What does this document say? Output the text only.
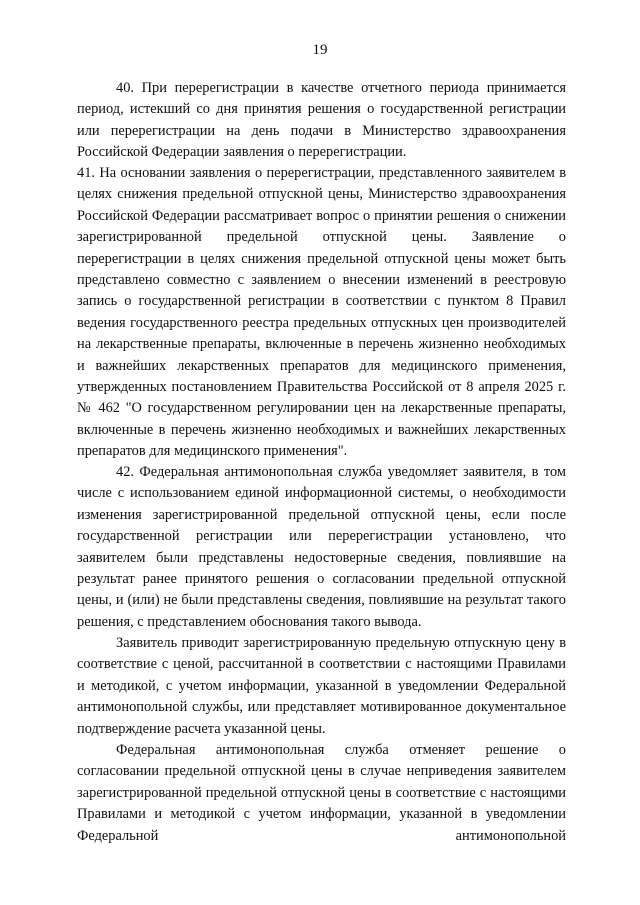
19

40. При перерегистрации в качестве отчетного периода принимается период, истекший со дня принятия решения о государственной регистрации или перерегистрации на день подачи в Министерство здравоохранения Российской Федерации заявления о перерегистрации.

41. На основании заявления о перерегистрации, представленного заявителем в целях снижения предельной отпускной цены, Министерство здравоохранения Российской Федерации рассматривает вопрос о принятии решения о снижении зарегистрированной предельной отпускной цены. Заявление о перерегистрации в целях снижения предельной отпускной цены может быть представлено совместно с заявлением о внесении изменений в реестровую запись о государственной регистрации в соответствии с пунктом 8 Правил ведения государственного реестра предельных отпускных цен производителей на лекарственные препараты, включенные в перечень жизненно необходимых и важнейших лекарственных препаратов для медицинского применения, утвержденных постановлением Правительства Российской от 8 апреля 2025 г. № 462 "О государственном регулировании цен на лекарственные препараты, включенные в перечень жизненно необходимых и важнейших лекарственных препаратов для медицинского применения".

42. Федеральная антимонопольная служба уведомляет заявителя, в том числе с использованием единой информационной системы, о необходимости изменения зарегистрированной предельной отпускной цены, если после государственной регистрации или перерегистрации установлено, что заявителем были представлены недостоверные сведения, повлиявшие на результат ранее принятого решения о согласовании предельной отпускной цены, и (или) не были представлены сведения, повлиявшие на результат такого решения, с представлением обоснования такого вывода.

Заявитель приводит зарегистрированную предельную отпускную цену в соответствие с ценой, рассчитанной в соответствии с настоящими Правилами и методикой, с учетом информации, указанной в уведомлении Федеральной антимонопольной службы, или представляет мотивированное документальное подтверждение расчета указанной цены.

Федеральная антимонопольная служба отменяет решение о согласовании предельной отпускной цены в случае неприведения заявителем зарегистрированной предельной отпускной цены в соответствие с настоящими Правилами и методикой с учетом информации, указанной в уведомлении Федеральной антимонопольной
